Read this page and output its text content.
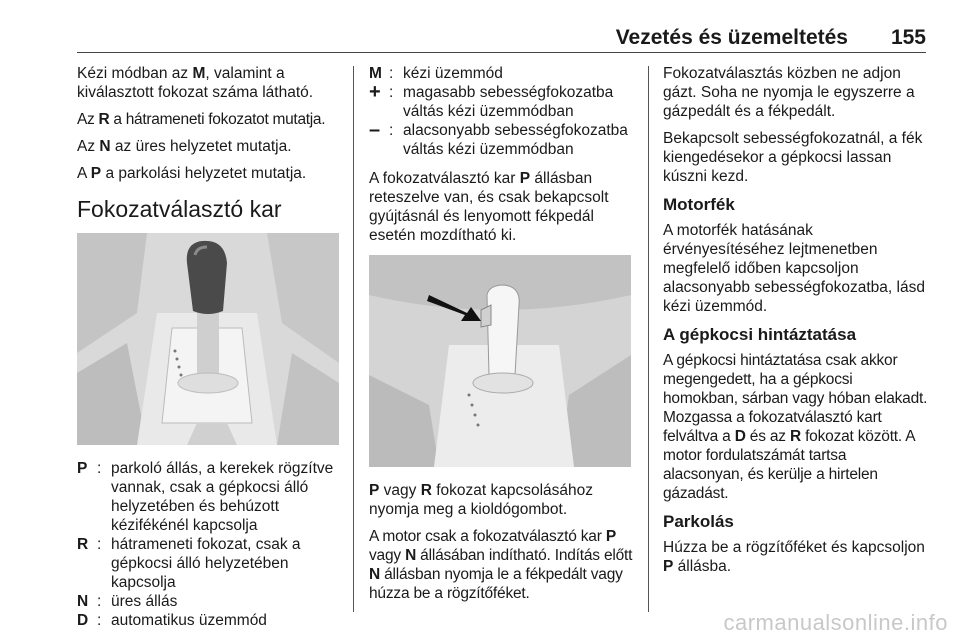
Vezetés és üzemeltetés 155

Kézi módban az M, valamint a kiválasztott fokozat száma látható.

Az R a hátrameneti fokozatot mutatja.

Az N az üres helyzetet mutatja.

A P a parkolási helyzetet mutatja.

Fokozatválasztó kar
P : parkoló állás, a kerekek rögzítve vannak, csak a gépkocsi álló helyzetében és behúzott kézifékénél kapcsolja
R : hátrameneti fokozat, csak a gépkocsi álló helyzetében kapcsolja
N : üres állás
D : automatikus üzemmód
M : kézi üzemmód
+ : magasabb sebességfokozatba váltás kézi üzemmódban
– : alacsonyabb sebességfokozatba váltás kézi üzemmódban

A fokozatválasztó kar P állásban reteszelve van, és csak bekapcsolt gyújtásnál és lenyomott fékpedál esetén mozdítható ki.

P vagy R fokozat kapcsolásához nyomja meg a kioldógombot.

A motor csak a fokozatválasztó kar P vagy N állásában indítható. Indítás előtt N állásban nyomja le a fékpedált vagy húzza be a rögzítőféket.

Fokozatválasztás közben ne adjon gázt. Soha ne nyomja le egyszerre a gázpedált és a fékpedált.

Bekapcsolt sebességfokozatnál, a fék kiengedésekor a gépkocsi lassan kúszni kezd.

Motorfék

A motorfék hatásának érvényesítéséhez lejtmenetben megfelelő időben kapcsoljon alacsonyabb sebességfokozatba, lásd kézi üzemmód.

A gépkocsi hintáztatása

A gépkocsi hintáztatása csak akkor megengedett, ha a gépkocsi homokban, sárban vagy hóban elakadt. Mozgassa a fokozatválasztó kart felváltva a D és az R fokozat között. A motor fordulatszámát tartsa alacsonyan, és kerülje a hirtelen gázadást.

Parkolás

Húzza be a rögzítőféket és kapcsoljon P állásba.

carmanualsonline.info
